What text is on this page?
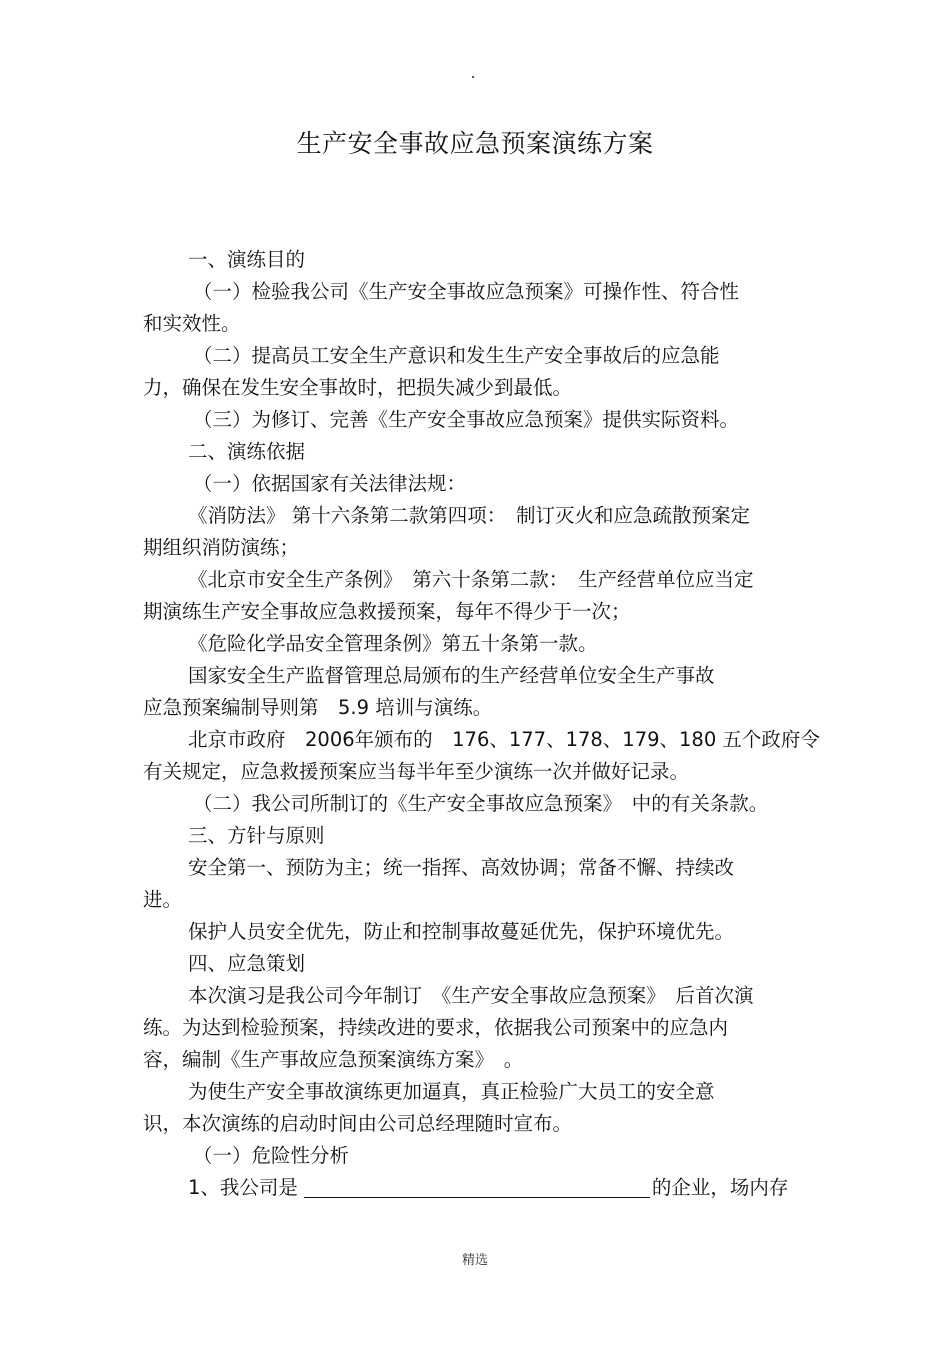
生产安全事故应急预案演练方案
一、演练目的
（一）检验我公司《生产安全事故应急预案》可操作性、符合性
和实效性。
（二）提高员工安全生产意识和发生生产安全事故后的应急能
力，确保在发生安全事故时，把损失减少到最低。
（三）为修订、完善《生产安全事故应急预案》提供实际资料。
二、演练依据
（一）依据国家有关法律法规：
《消防法》 第十六条第二款第四项：　制订灭火和应急疏散预案定
期组织消防演练；
《北京市安全生产条例》　第六十条第二款：　生产经营单位应当定
期演练生产安全事故应急救援预案，每年不得少于一次；
《危险化学品安全管理条例》第五十条第一款。
国家安全生产监督管理总局颁布的生产经营单位安全生产事故
应急预案编制导则第　5.9 培训与演练。
北京市政府　2006年颁布的　176、177、178、179、180 五个政府令
有关规定，应急救援预案应当每半年至少演练一次并做好记录。
（二）我公司所制订的《生产安全事故应急预案》　中的有关条款。
三、方针与原则
安全第一、预防为主；统一指挥、高效协调；常备不懈、持续改
进。
保护人员安全优先，防止和控制事故蔓延优先，保护环境优先。
四、应急策划
本次演习是我公司今年制订　《生产安全事故应急预案》　后首次演
练。为达到检验预案，持续改进的要求，依据我公司预案中的应急内
容，编制《生产事故应急预案演练方案》　。
为使生产安全事故演练更加逼真，真正检验广大员工的安全意
识，本次演练的启动时间由公司总经理随时宣布。
（一）危险性分析
1、我公司是	的企业，场内存
精选
